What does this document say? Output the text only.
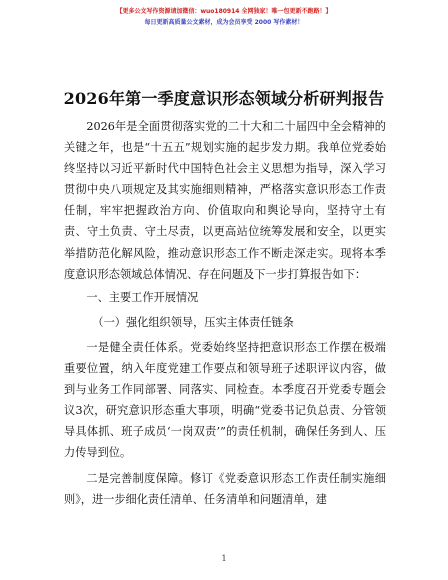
【更多公文写作资源请加微信：wuo180914 全网独家！唯一包更新不跑路！】
每日更新高质量公文素材，成为会员享受 2000 写作素材！
2026年第一季度意识形态领域分析研判报告

2026年是全面贯彻落实党的二十大和二十届四中全会精神的关键之年，也是“十五五”规划实施的起步发力期。我单位党委始终坚持以习近平新时代中国特色社会主义思想为指导，深入学习贯彻中央八项规定及其实施细则精神，严格落实意识形态工作责任制，牢牢把握政治方向、价值取向和舆论导向，坚持守土有责、守土负责、守土尽责，以更高站位统筹发展和安全，以更实举措防范化解风险，推动意识形态工作不断走深走实。现将本季度意识形态领域总体情况、存在问题及下一步打算报告如下：

一、主要工作开展情况

（一）强化组织领导，压实主体责任链条

一是健全责任体系。党委始终坚持把意识形态工作摆在极端重要位置，纳入年度党建工作要点和领导班子述职评议内容，做到与业务工作同部署、同落实、同检查。本季度召开党委专题会议3次，研究意识形态重大事项，明确“党委书记负总责、分管领导具体抓、班子成员‘一岗双责’”的责任机制，确保任务到人、压力传导到位。

二是完善制度保障。修订《党委意识形态工作责任制实施细则》，进一步细化责任清单、任务清单和问题清单，建

1
